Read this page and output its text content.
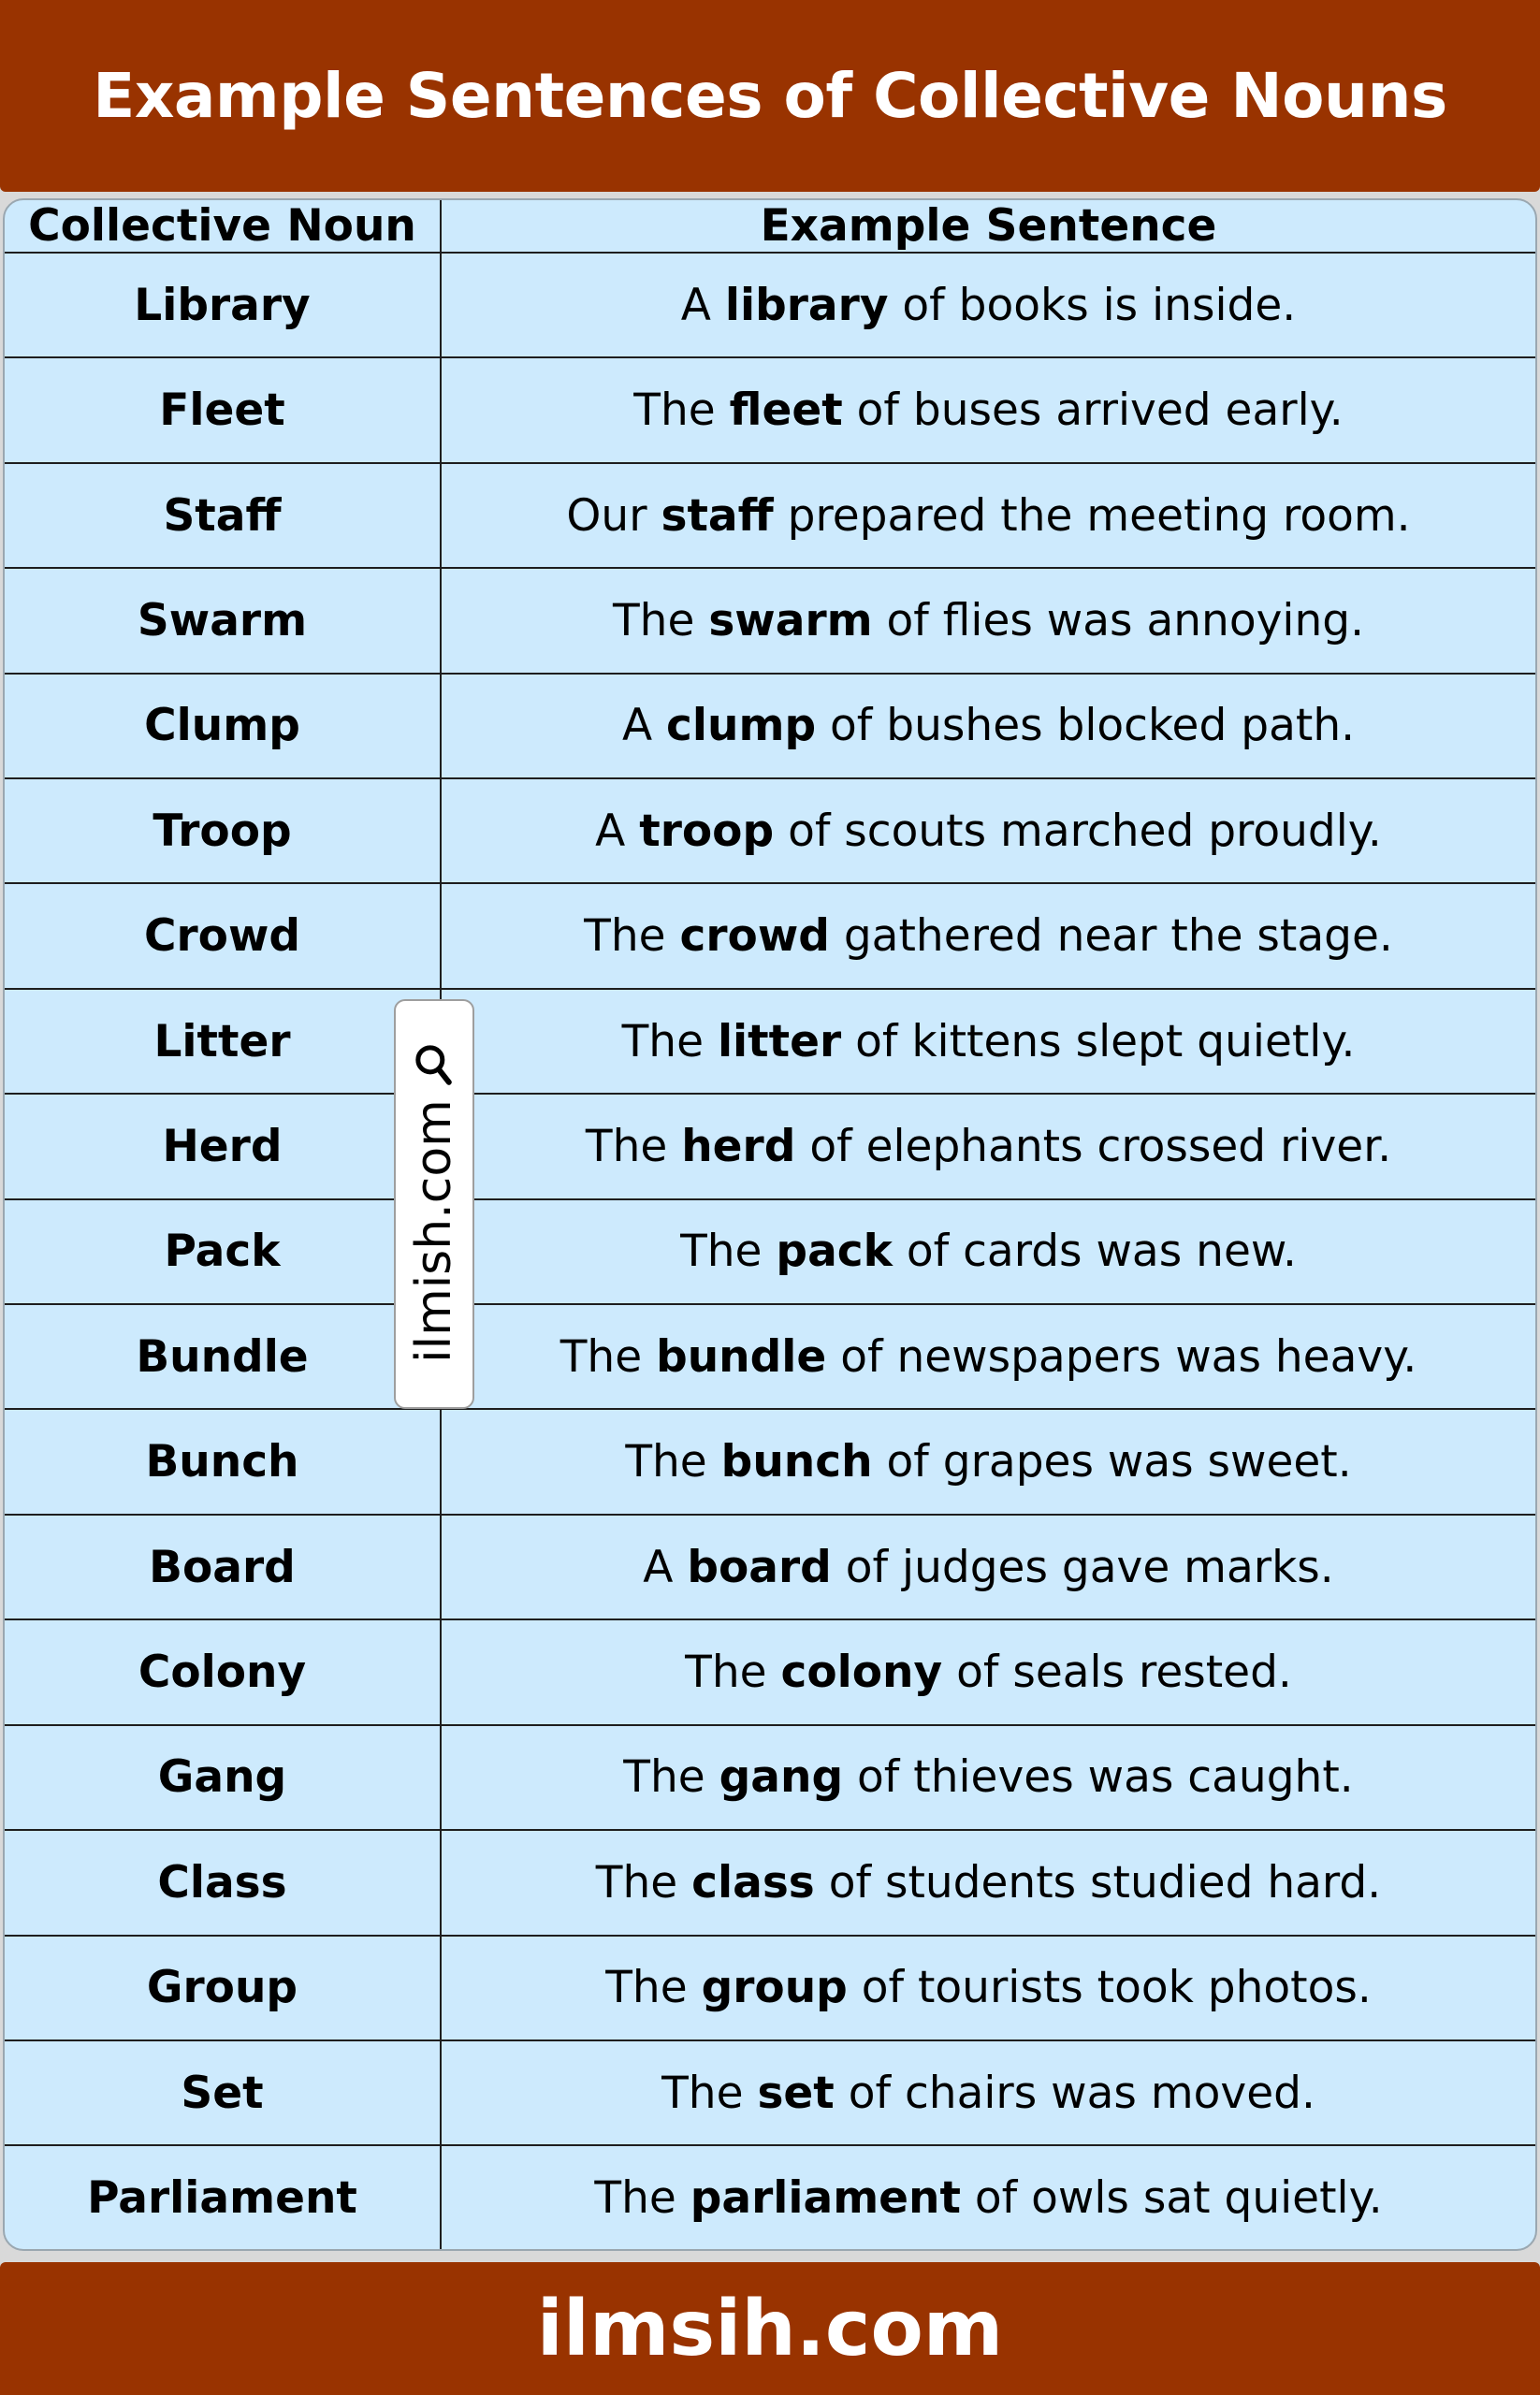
Example Sentences of Collective Nouns
Collective Noun	Example Sentence
Library	A library of books is inside.
Fleet	The fleet of buses arrived early.
Staff	Our staff prepared the meeting room.
Swarm	The swarm of flies was annoying.
Clump	A clump of bushes blocked path.
Troop	A troop of scouts marched proudly.
Crowd	The crowd gathered near the stage.
Litter	The litter of kittens slept quietly.
Herd	The herd of elephants crossed river.
Pack	The pack of cards was new.
Bundle	The bundle of newspapers was heavy.
Bunch	The bunch of grapes was sweet.
Board	A board of judges gave marks.
Colony	The colony of seals rested.
Gang	The gang of thieves was caught.
Class	The class of students studied hard.
Group	The group of tourists took photos.
Set	The set of chairs was moved.
Parliament	The parliament of owls sat quietly.
ilmish.com
ilmsih.com
